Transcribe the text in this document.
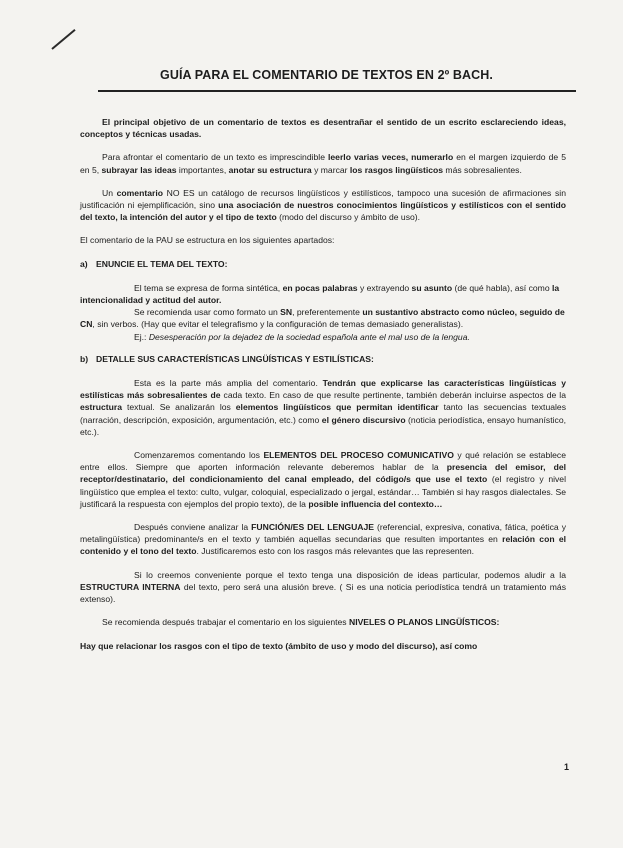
GUÍA PARA EL COMENTARIO DE TEXTOS EN 2º BACH.

El principal objetivo de un comentario de textos es desentrañar el sentido de un escrito esclareciendo ideas, conceptos y técnicas usadas.

Para afrontar el comentario de un texto es imprescindible leerlo varias veces, numerarlo en el margen izquierdo de 5 en 5, subrayar las ideas importantes, anotar su estructura y marcar los rasgos lingüísticos más sobresalientes.

Un comentario NO ES un catálogo de recursos lingüísticos y estilísticos, tampoco una sucesión de afirmaciones sin justificación ni ejemplificación, sino una asociación de nuestros conocimientos lingüísticos y estilísticos con el sentido del texto, la intención del autor y el tipo de texto (modo del discurso y ámbito de uso).

El comentario de la PAU se estructura en los siguientes apartados:

a) ENUNCIE EL TEMA DEL TEXTO:
El tema se expresa de forma sintética, en pocas palabras y extrayendo su asunto (de qué habla), así como la intencionalidad y actitud del autor.
Se recomienda usar como formato un SN, preferentemente un sustantivo abstracto como núcleo, seguido de CN, sin verbos. (Hay que evitar el telegrafismo y la configuración de temas demasiado generalistas).
Ej.: Desesperación por la dejadez de la sociedad española ante el mal uso de la lengua.
b) DETALLE SUS CARACTERÍSTICAS LINGÜÍSTICAS Y ESTILÍSTICAS:

Esta es la parte más amplia del comentario. Tendrán que explicarse las características lingüísticas y estilísticas más sobresalientes de cada texto. En caso de que resulte pertinente, también deberán incluirse aspectos de la estructura textual. Se analizarán los elementos lingüísticos que permitan identificar tanto las secuencias textuales (narración, descripción, exposición, argumentación, etc.) como el género discursivo (noticia periodística, ensayo humanístico, etc.).

Comenzaremos comentando los ELEMENTOS DEL PROCESO COMUNICATIVO y qué relación se establece entre ellos. Siempre que aporten información relevante deberemos hablar de la presencia del emisor, del receptor/destinatario, del condicionamiento del canal empleado, del código/s que use el texto (el registro y nivel lingüístico que emplea el texto: culto, vulgar, coloquial, especializado o jergal, estándar… También si hay rasgos dialectales. Se justificará la respuesta con ejemplos del propio texto), de la posible influencia del contexto…

Después conviene analizar la FUNCIÓN/ES DEL LENGUAJE (referencial, expresiva, conativa, fática, poética y metalingüística) predominante/s en el texto y también aquellas secundarias que resulten importantes en relación con el contenido y el tono del texto. Justificaremos esto con los rasgos más relevantes que las representen.

Si lo creemos conveniente porque el texto tenga una disposición de ideas particular, podemos aludir a la ESTRUCTURA INTERNA del texto, pero será una alusión breve. ( Si es una noticia periodística tendrá un tratamiento más extenso).

Se recomienda después trabajar el comentario en los siguientes NIVELES O PLANOS LINGÜÍSTICOS:

Hay que relacionar los rasgos con el tipo de texto (ámbito de uso y modo del discurso), así como

1
